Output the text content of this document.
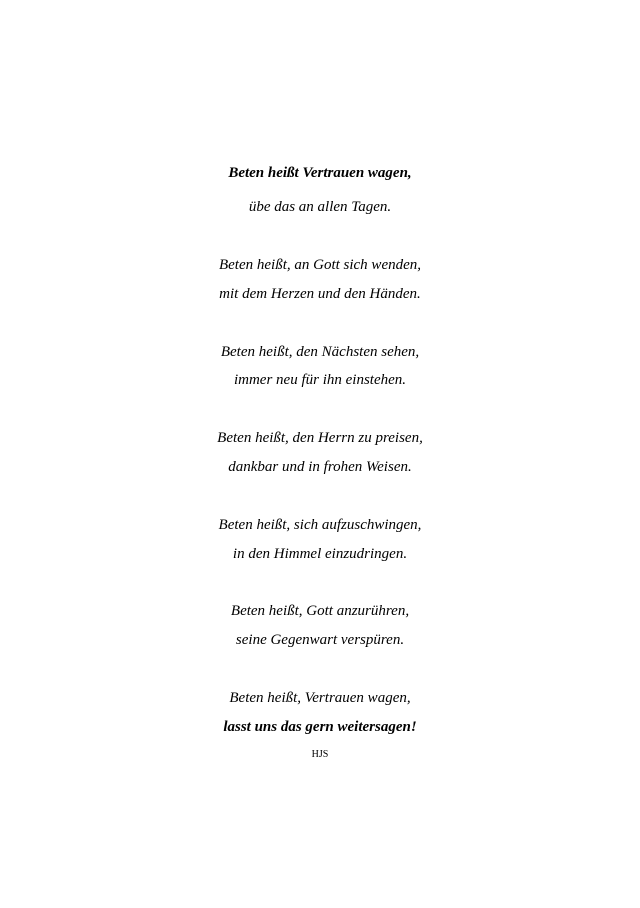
Beten heißt Vertrauen wagen,
übe das an allen Tagen.
Beten heißt, an Gott sich wenden,
mit dem Herzen und den Händen.
Beten heißt, den Nächsten sehen,
immer neu für ihn einstehen.
Beten heißt, den Herrn zu preisen,
dankbar und in frohen Weisen.
Beten heißt, sich aufzuschwingen,
in den Himmel einzudringen.
Beten heißt, Gott anzurühren,
seine Gegenwart verspüren.
Beten heißt, Vertrauen wagen,
lasst uns das gern weitersagen!
HJS
